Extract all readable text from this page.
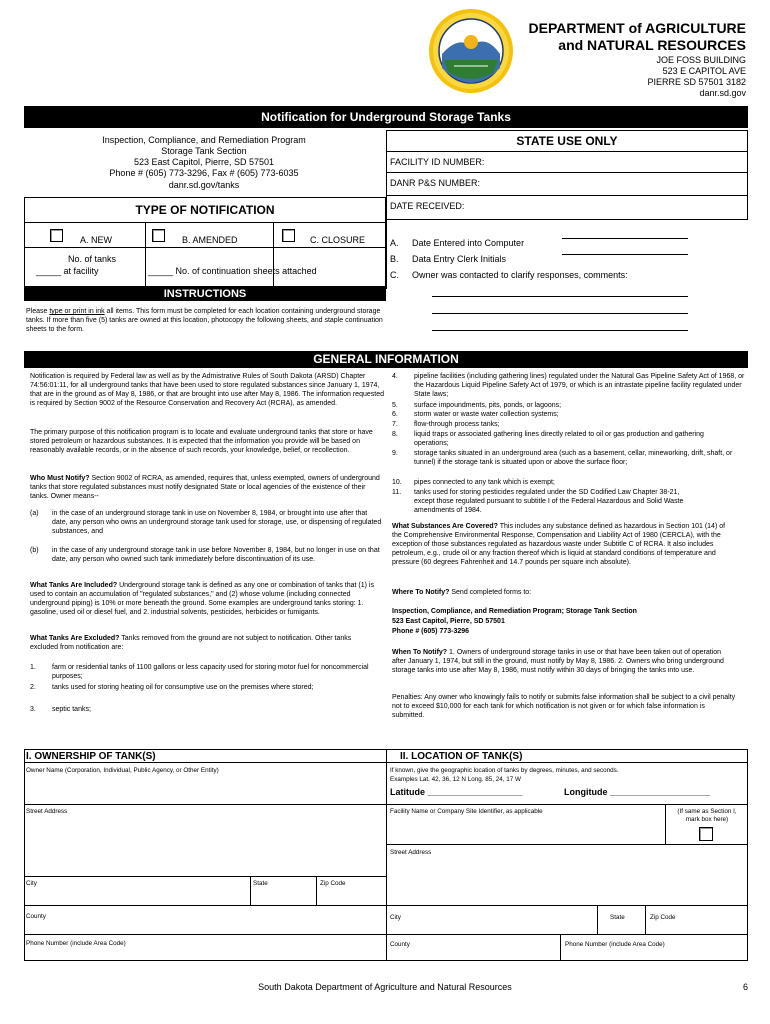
DEPARTMENT of AGRICULTURE
and NATURAL RESOURCES
JOE FOSS BUILDING
523 E CAPITOL AVE
PIERRE SD 57501 3182
danr.sd.gov
Notification for Underground Storage Tanks
Inspection, Compliance, and Remediation Program
Storage Tank Section
523 East Capitol, Pierre, SD 57501
Phone # (605) 773-3296, Fax # (605) 773-6035
danr.sd.gov/tanks
STATE USE ONLY
FACILITY ID NUMBER:
DANR P&S NUMBER:
DATE RECEIVED:
A. Date Entered into Computer
B. Data Entry Clerk Initials
C. Owner was contacted to clarify responses, comments:
TYPE OF NOTIFICATION
A. NEW	B. AMENDED	C. CLOSURE
No. of tanks
_____ at facility	_____ No. of continuation sheets attached
INSTRUCTIONS
Please type or print in ink all items. This form must be completed for each location containing underground storage tanks. If more than five (5) tanks are owned at this location, photocopy the following sheets, and staple continuation sheets to the form.
GENERAL INFORMATION
Notification is required by Federal law as well as by the Admistrative Rules of South Dakota (ARSD) Chapter 74:56:01:11, for all underground tanks that have been used to store regulated substances since January 1, 1974, that are in the ground as of May 8, 1986, or that are brought into use after May 8, 1986. The information requested is required by Section 9002 of the Resource Conservation and Recovery Act (RCRA), as amended.
The primary purpose of this notification program is to locate and evaluate underground tanks that store or have stored petroleum or hazardous substances. It is expected that the information you provide will be based on reasonably available records, or in the absence of such records, your knowledge, belief, or recollection.
Who Must Notify? Section 9002 of RCRA, as amended, requires that, unless exempted, owners of underground tanks that store regulated substances must notify designated State or local agencies of the existence of their tanks. Owner means--
(a) in the case of an underground storage tank in use on November 8, 1984, or brought into use after that date, any person who owns an underground storage tank used for storage, use, or dispensing of regulated substances, and
(b) in the case of any underground storage tank in use before November 8, 1984, but no longer in use on that date, any person who owned such tank immediately before discontinuation of its use.
What Tanks Are Included? Underground storage tank is defined as any one or combination of tanks that (1) is used to contain an accumulation of "regulated substances," and (2) whose volume (including connected underground piping) is 10% or more beneath the ground. Some examples are underground tanks storing: 1. gasoline, used oil or diesel fuel, and 2. industrial solvents, pesticides, herbicides or fumigants.
What Tanks Are Excluded? Tanks removed from the ground are not subject to notification. Other tanks excluded from notification are:
1. farm or residential tanks of 1100 gallons or less capacity used for storing motor fuel for noncommercial purposes;
2. tanks used for storing heating oil for consumptive use on the premises where stored;
3. septic tanks;
4. pipeline facilities (including gathering lines) regulated under the Natural Gas Pipeline Safety Act of 1968, or the Hazardous Liquid Pipeline Safety Act of 1979, or which is an intrastate pipeline facility regulated under State laws;
5. surface impoundments, pits, ponds, or lagoons;
6. storm water or waste water collection systems;
7. flow-through process tanks;
8. liquid traps or associated gathering lines directly related to oil or gas production and gathering operations;
9. storage tanks situated in an underground area (such as a basement, cellar, mineworking, drift, shaft, or tunnel) if the storage tank is situated upon or above the surface floor;
10. pipes connected to any tank which is exempt;
11. tanks used for storing pesticides regulated under the SD Codified Law Chapter 38-21, except those regulated pursuant to subtitle I of the Federal Hazardous and Solid Waste amendments of 1984.
What Substances Are Covered? This includes any substance defined as hazardous in Section 101 (14) of the Comprehensive Environmental Response, Compensation and Liability Act of 1980 (CERCLA), with the exception of those substances regulated as hazardous waste under Subtitle C of RCRA. It also includes petroleum, e.g., crude oil or any fraction thereof which is liquid at standard conditions of temperature and pressure (60 degrees Fahrenheit and 14.7 pounds per square inch absolute).
Where To Notify? Send completed forms to:
Inspection, Compliance, and Remediation Program; Storage Tank Section
523 East Capitol, Pierre, SD 57501
Phone # (605) 773-3296
When To Notify? 1. Owners of underground storage tanks in use or that have been taken out of operation after January 1, 1974, but still in the ground, must notify by May 8, 1986. 2. Owners who bring underground storage tanks into use after May 8, 1986, must notify within 30 days of bringing the tanks into use.
Penalties: Any owner who knowingly fails to notify or submits false information shall be subject to a civil penalty not to exceed $10,000 for each tank for which notification is not given or for which false information is submitted.
I. OWNERSHIP OF TANK(S)
Owner Name (Corporation, Individual, Public Agency, or Other Entity)
Street Address
City	State	Zip Code
County
Phone Number (include Area Code)
II. LOCATION OF TANK(S)
If known, give the geographic location of tanks by degrees, minutes, and seconds.
Examples Lat. 42, 36, 12 N Long. 85, 24, 17 W
Latitude ___________________	Longitude ____________________
Facility Name or Company Site Identifier, as applicable	(If same as Section I,
mark box here)
Street Address
City	State	Zip Code
County	Phone Number (include Area Code)
South Dakota Department of Agriculture and Natural Resources	6
